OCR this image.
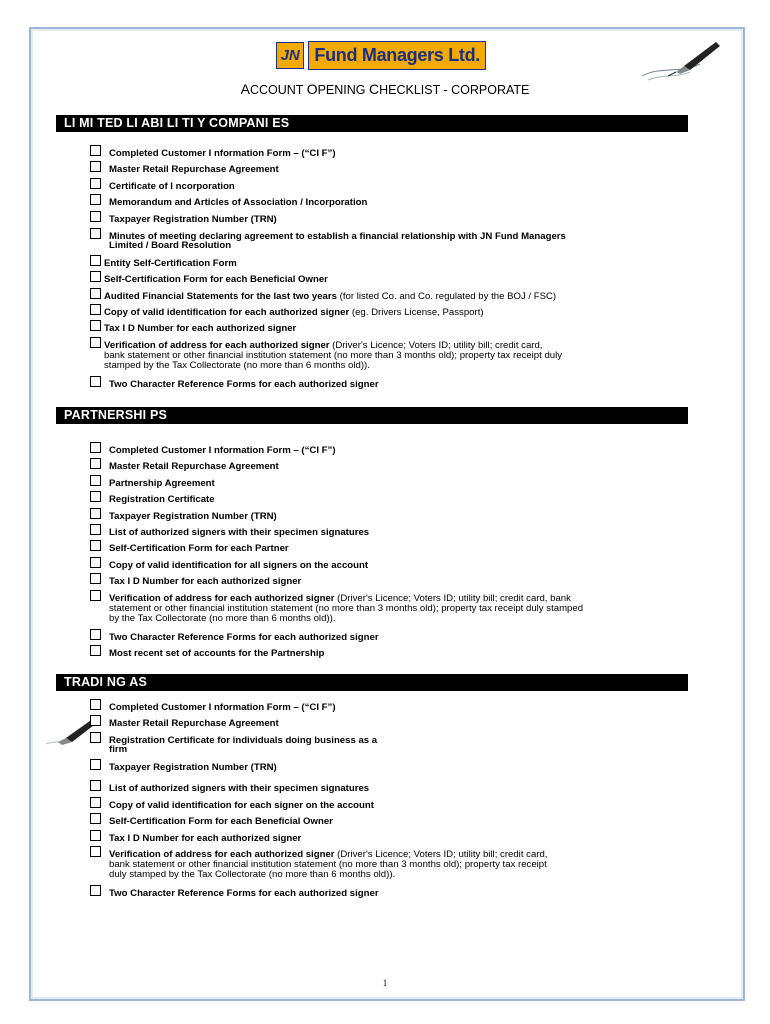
JN Fund Managers Ltd.
ACCOUNT OPENING CHECKLIST - CORPORATE
LI MI TED LI ABI LI TI Y COMPANI ES
Completed Customer I nformation Form – (“CI F”)
Master Retail Repurchase Agreement
Certificate of I ncorporation
Memorandum and Articles of Association / Incorporation
Taxpayer Registration Number (TRN)
Minutes of meeting declaring agreement to establish a financial relationship with JN Fund Managers
Limited / Board Resolution
Entity Self-Certification Form
Self-Certification Form for each Beneficial Owner
Audited Financial Statements for the last two years (for listed Co. and Co. regulated by the BOJ / FSC)
Copy of valid identification for each authorized signer (eg. Drivers License, Passport)
Tax I D Number for each authorized signer
Verification of address for each authorized signer (Driver's Licence; Voters ID; utility bill; credit card,
bank statement or other financial institution statement (no more than 3 months old); property tax receipt duly
stamped by the Tax Collectorate (no more than 6 months old)).
Two Character Reference Forms for each authorized signer
PARTNERSHI PS
Completed Customer I nformation Form – (“CI F”)
Master Retail Repurchase Agreement
Partnership Agreement
Registration Certificate
Taxpayer Registration Number (TRN)
List of authorized signers with their specimen signatures
Self-Certification Form for each Partner
Copy of valid identification for all signers on the account
Tax I D Number for each authorized signer
Verification of address for each authorized signer (Driver's Licence; Voters ID; utility bill; credit card, bank
statement or other financial institution statement (no more than 3 months old); property tax receipt duly stamped
by the Tax Collectorate (no more than 6 months old)).
Two Character Reference Forms for each authorized signer
Most recent set of accounts for the Partnership
TRADI NG AS
Completed Customer I nformation Form – (“CI F”)
Master Retail Repurchase Agreement
Registration Certificate for individuals doing business as a
firm
Taxpayer Registration Number (TRN)
List of authorized signers with their specimen signatures
Copy of valid identification for each signer on the account
Self-Certification Form for each Beneficial Owner
Tax I D Number for each authorized signer
Verification of address for each authorized signer (Driver's Licence; Voters ID; utility bill; credit card,
bank statement or other financial institution statement (no more than 3 months old); property tax receipt
duly stamped by the Tax Collectorate (no more than 6 months old)).
Two Character Reference Forms for each authorized signer
1
